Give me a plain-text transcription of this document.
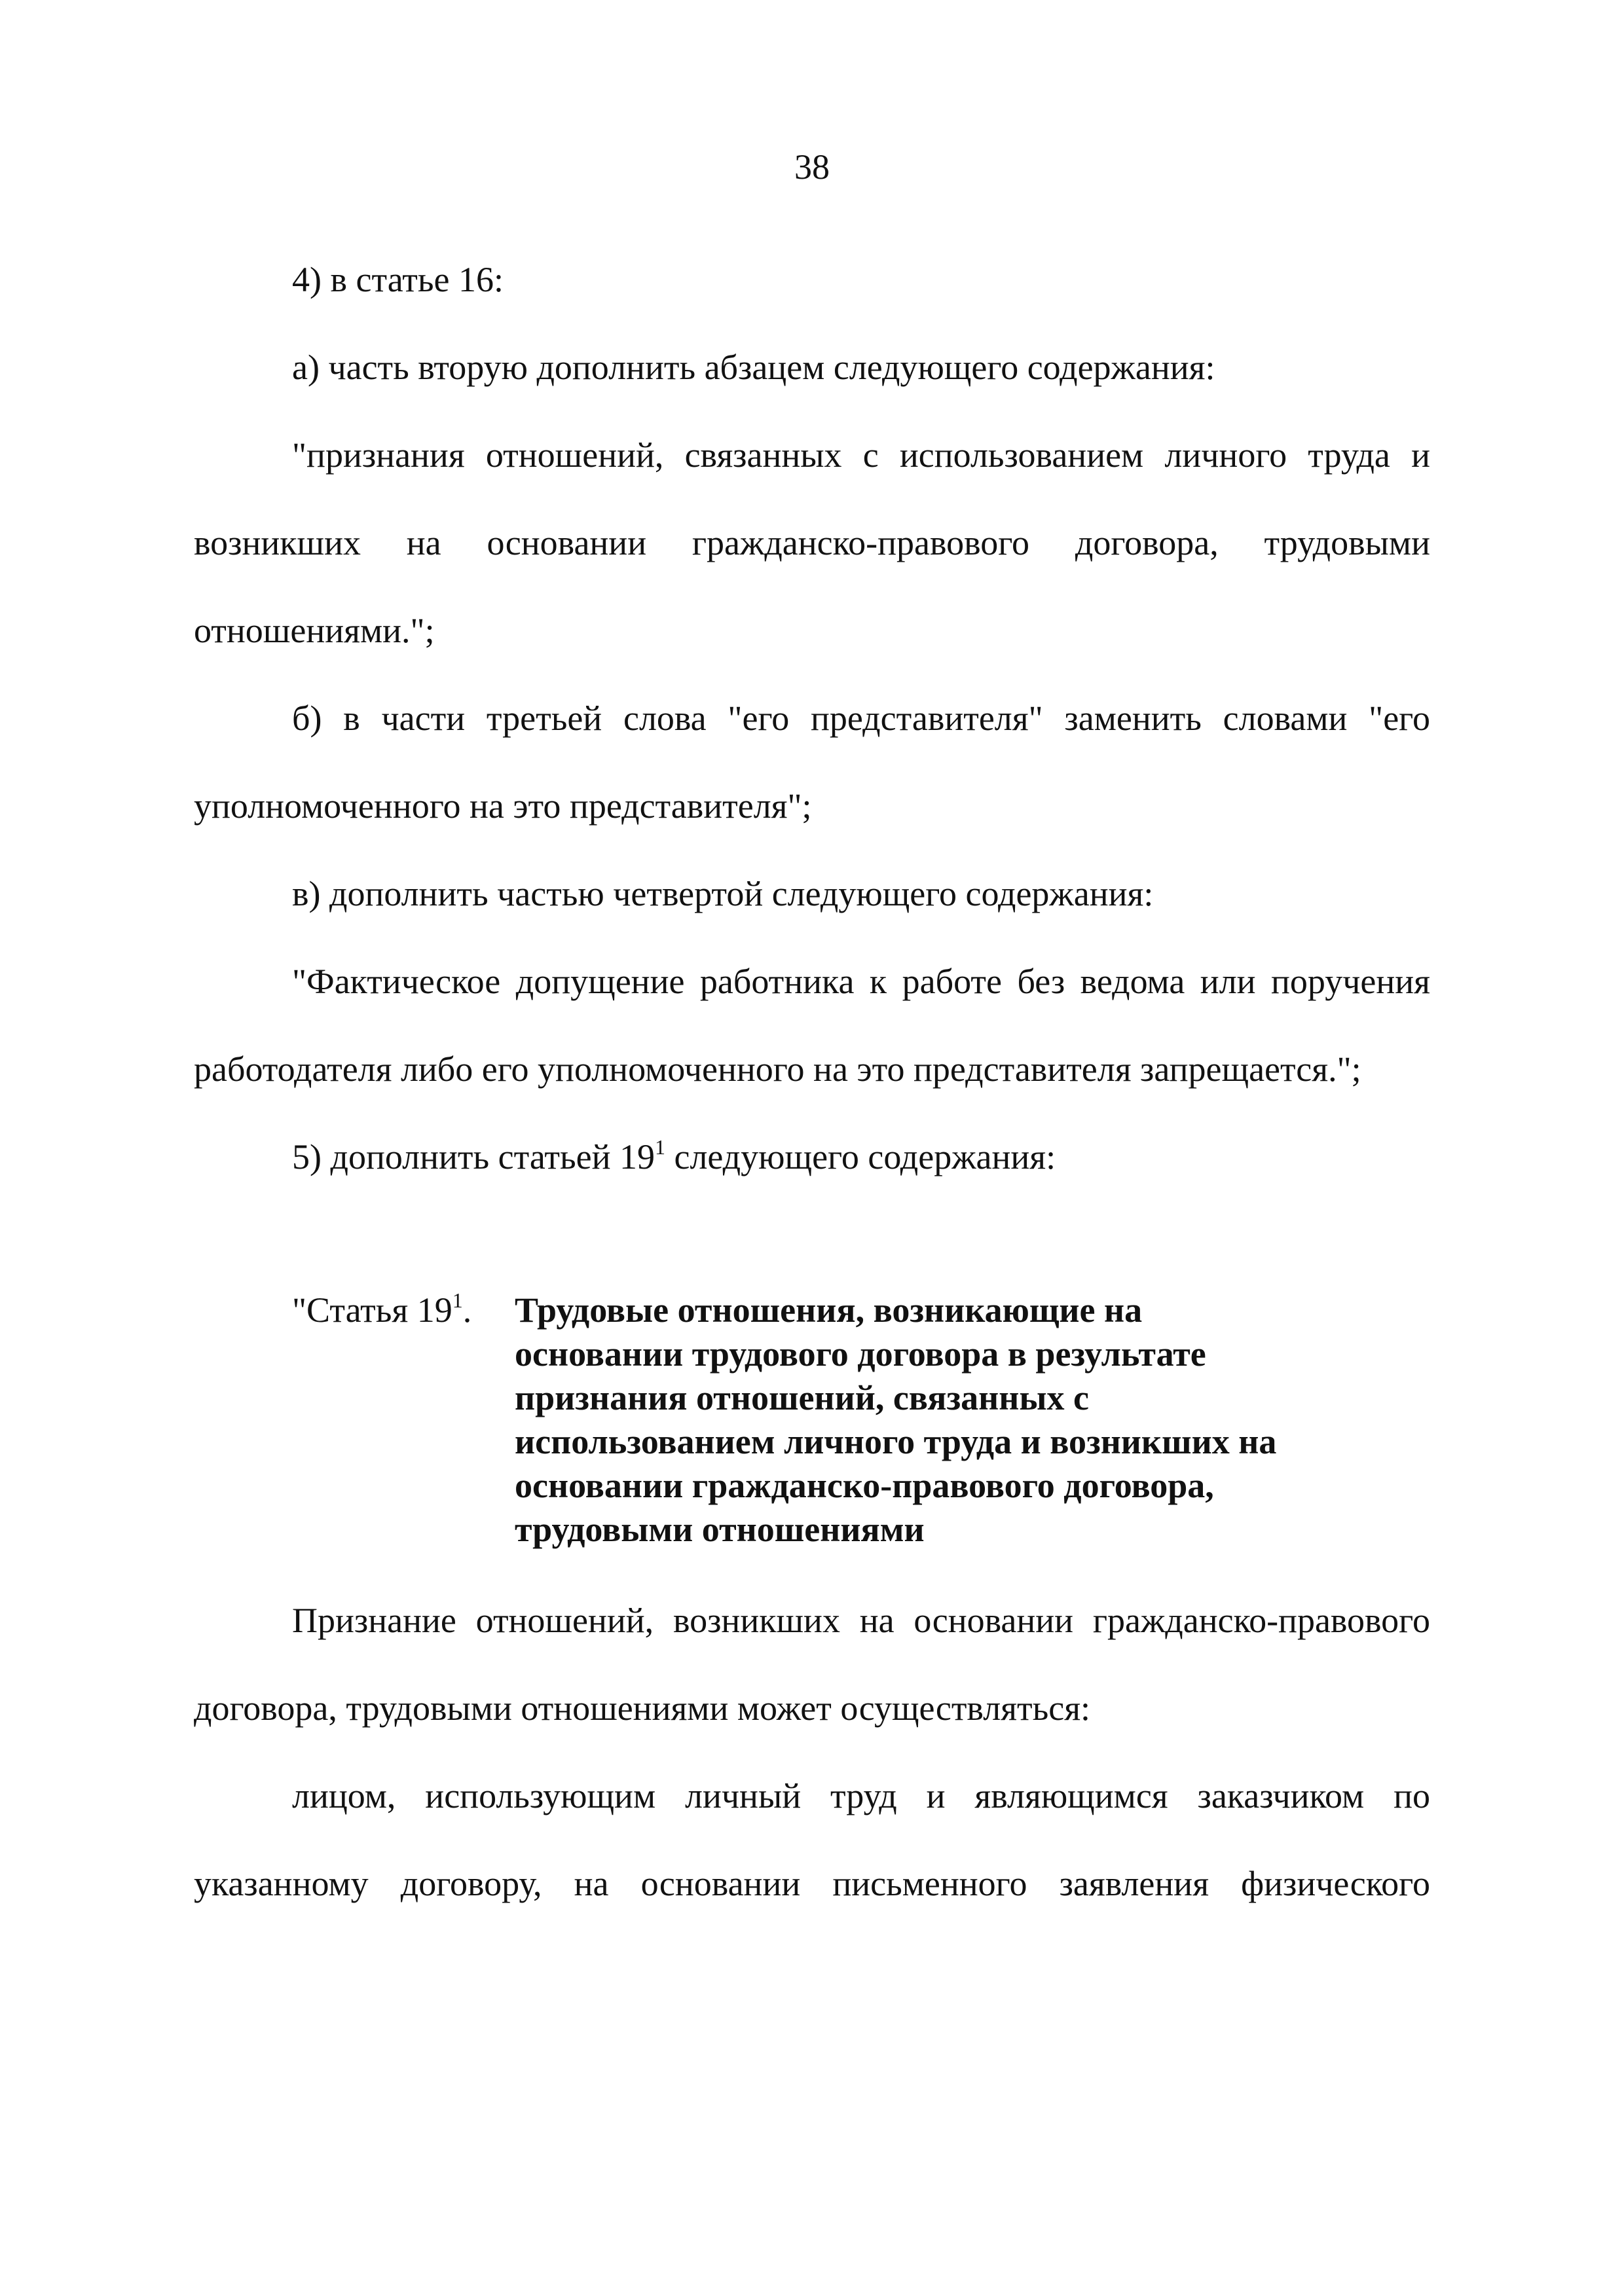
38

4) в статье 16:

а) часть вторую дополнить абзацем следующего содержания:

"признания отношений, связанных с использованием личного труда и возникших на основании гражданско-правового договора, трудовыми отношениями.";

б) в части третьей слова "его представителя" заменить словами "его уполномоченного на это представителя";

в) дополнить частью четвертой следующего содержания:

"Фактическое допущение работника к работе без ведома или поручения работодателя либо его уполномоченного на это представителя запрещается.";

5) дополнить статьей $19^1$ следующего содержания:

"Статья $19^1$. Трудовые отношения, возникающие на основании трудового договора в результате признания отношений, связанных с использованием личного труда и возникших на основании гражданско-правового договора, трудовыми отношениями

Признание отношений, возникших на основании гражданско-правового договора, трудовыми отношениями может осуществляться:

лицом, использующим личный труд и являющимся заказчиком по указанному договору, на основании письменного заявления физического
